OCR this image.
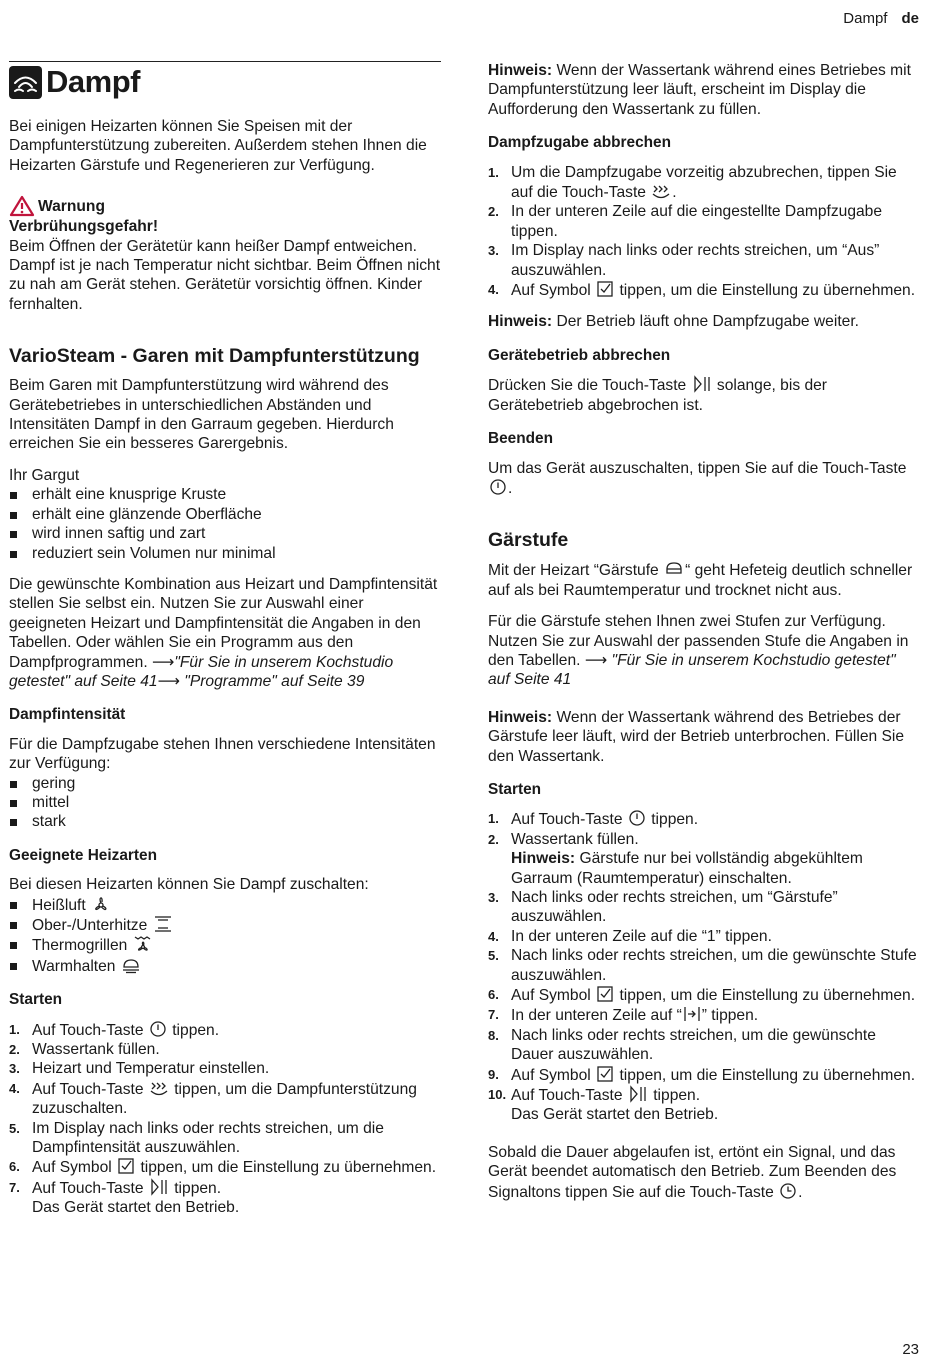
Dampf de
Dampf

Bei einigen Heizarten können Sie Speisen mit der Dampfunterstützung zubereiten. Außerdem stehen Ihnen die Heizarten Gärstufe und Regenerieren zur Verfügung.

Warnung
Verbrühungsgefahr!

Beim Öffnen der Gerätetür kann heißer Dampf entweichen. Dampf ist je nach Temperatur nicht sichtbar. Beim Öffnen nicht zu nah am Gerät stehen. Gerätetür vorsichtig öffnen. Kinder fernhalten.

VarioSteam - Garen mit Dampfunterstützung

Beim Garen mit Dampfunterstützung wird während des Gerätebetriebes in unterschiedlichen Abständen und Intensitäten Dampf in den Garraum gegeben. Hierdurch erreichen Sie ein besseres Garergebnis.

Ihr Gargut
erhält eine knusprige Kruste
erhält eine glänzende Oberfläche
wird innen saftig und zart
reduziert sein Volumen nur minimal

Die gewünschte Kombination aus Heizart und Dampfintensität stellen Sie selbst ein. Nutzen Sie zur Auswahl einer geeigneten Heizart und Dampfintensität die Angaben in den Tabellen. Oder wählen Sie ein Programm aus den Dampfprogrammen. ⟶"Für Sie in unserem Kochstudio getestet" auf Seite 41⟶ "Programme" auf Seite 39

Dampfintensität
Für die Dampfzugabe stehen Ihnen verschiedene Intensitäten zur Verfügung:
gering
mittel
stark
Geeignete Heizarten
Bei diesen Heizarten können Sie Dampf zuschalten:
Heißluft
Ober-/Unterhitze
Thermogrillen
Warmhalten
Starten
1. Auf Touch-Taste tippen.
2. Wassertank füllen.
3. Heizart und Temperatur einstellen.
4. Auf Touch-Taste tippen, um die Dampfunterstützung zuzuschalten.
5. Im Display nach links oder rechts streichen, um die Dampfintensität auszuwählen.
6. Auf Symbol tippen, um die Einstellung zu übernehmen.
7. Auf Touch-Taste tippen.
Das Gerät startet den Betrieb.

Hinweis: Wenn der Wassertank während eines Betriebes mit Dampfunterstützung leer läuft, erscheint im Display die Aufforderung den Wassertank zu füllen.

Dampfzugabe abbrechen
1. Um die Dampfzugabe vorzeitig abzubrechen, tippen Sie auf die Touch-Taste .
2. In der unteren Zeile auf die eingestellte Dampfzugabe tippen.
3. Im Display nach links oder rechts streichen, um “Aus” auszuwählen.
4. Auf Symbol tippen, um die Einstellung zu übernehmen.

Hinweis: Der Betrieb läuft ohne Dampfzugabe weiter.

Gerätebetrieb abbrechen

Drücken Sie die Touch-Taste solange, bis der Gerätebetrieb abgebrochen ist.

Beenden

Um das Gerät auszuschalten, tippen Sie auf die Touch-Taste .

Gärstufe

Mit der Heizart “Gärstufe “ geht Hefeteig deutlich schneller auf als bei Raumtemperatur und trocknet nicht aus.

Für die Gärstufe stehen Ihnen zwei Stufen zur Verfügung. Nutzen Sie zur Auswahl der passenden Stufe die Angaben in den Tabellen. ⟶ "Für Sie in unserem Kochstudio getestet" auf Seite 41

Hinweis: Wenn der Wassertank während des Betriebes der Gärstufe leer läuft, wird der Betrieb unterbrochen. Füllen Sie den Wassertank.

Starten
1. Auf Touch-Taste tippen.
2. Wassertank füllen.
Hinweis: Gärstufe nur bei vollständig abgekühltem Garraum (Raumtemperatur) einschalten.
3. Nach links oder rechts streichen, um “Gärstufe” auszuwählen.
4. In der unteren Zeile auf die “1” tippen.
5. Nach links oder rechts streichen, um die gewünschte Stufe auszuwählen.
6. Auf Symbol tippen, um die Einstellung zu übernehmen.
7. In der unteren Zeile auf “ ” tippen.
8. Nach links oder rechts streichen, um die gewünschte Dauer auszuwählen.
9. Auf Symbol tippen, um die Einstellung zu übernehmen.
10. Auf Touch-Taste tippen.
Das Gerät startet den Betrieb.

Sobald die Dauer abgelaufen ist, ertönt ein Signal, und das Gerät beendet automatisch den Betrieb. Zum Beenden des Signaltons tippen Sie auf die Touch-Taste .

23
